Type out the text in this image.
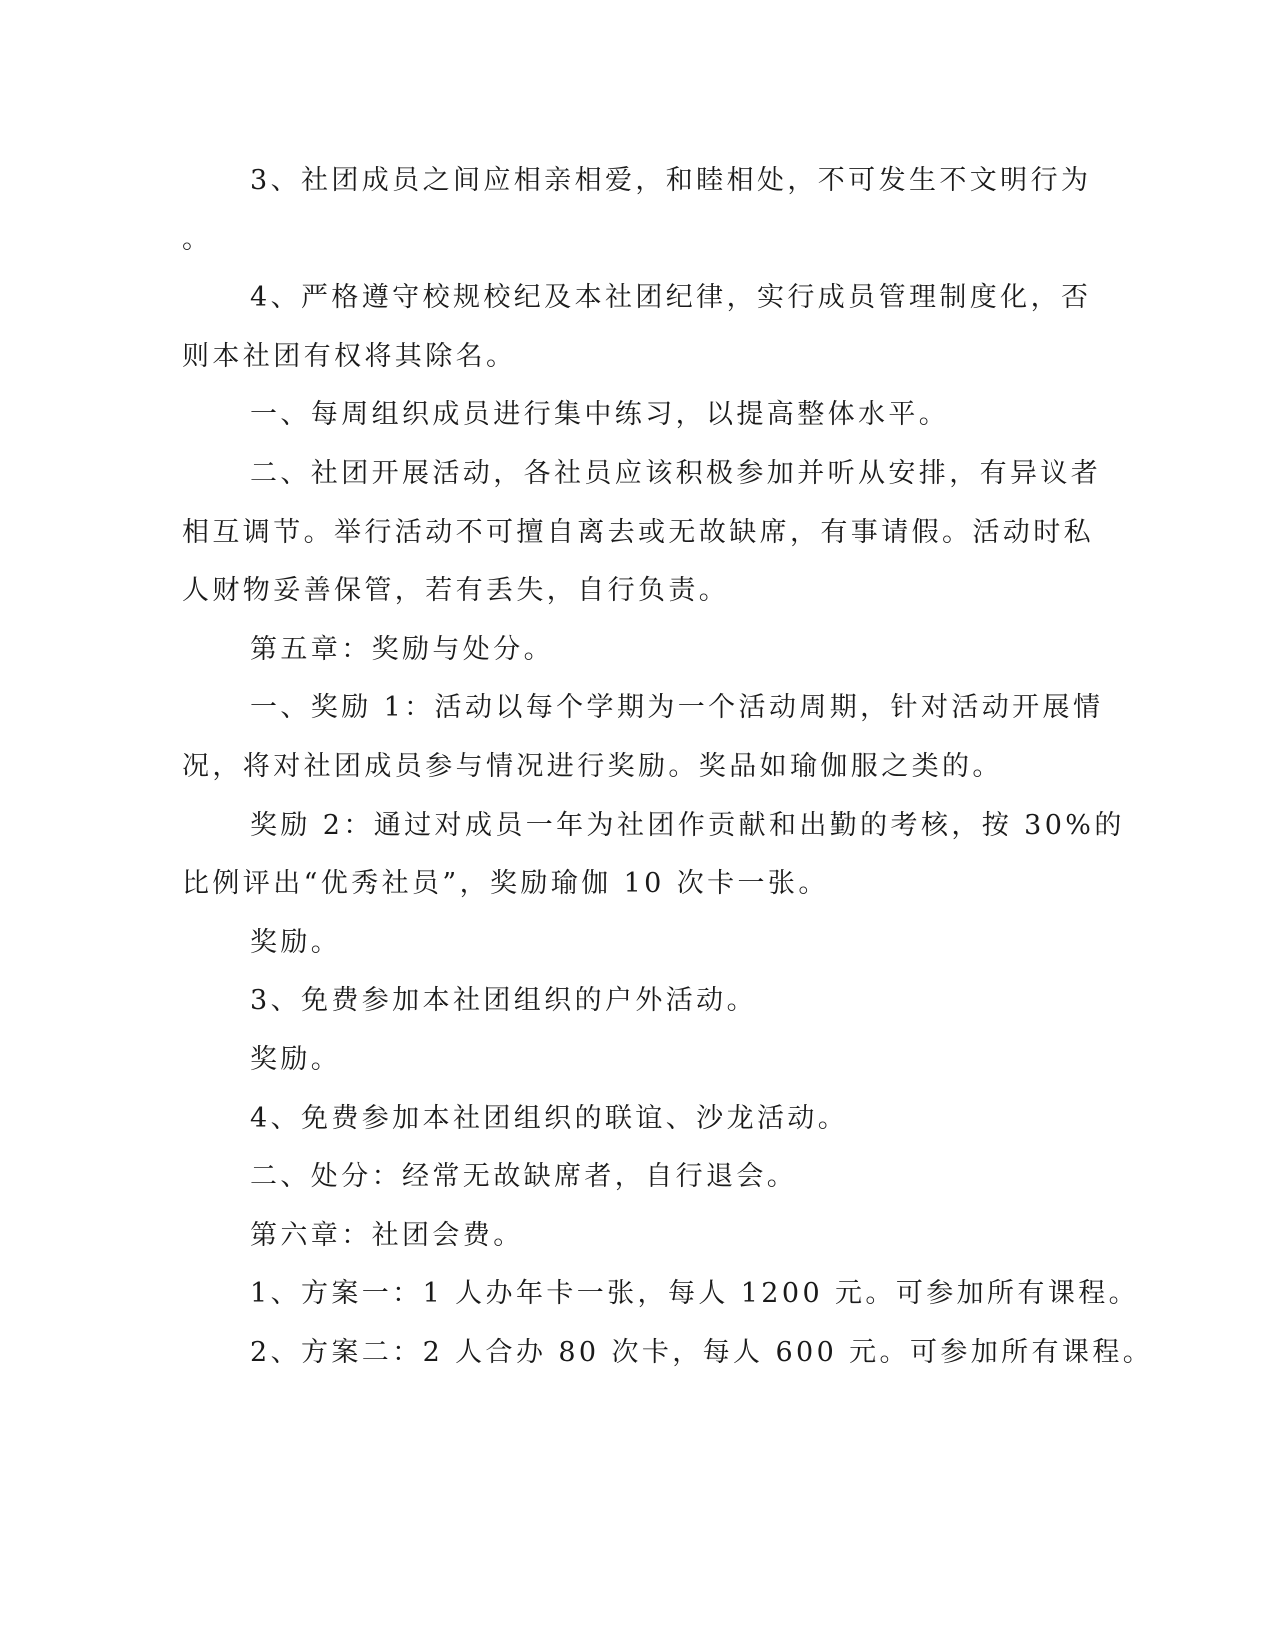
3、社团成员之间应相亲相爱，和睦相处，不可发生不文明行为

。

4、严格遵守校规校纪及本社团纪律，实行成员管理制度化，否

则本社团有权将其除名。

一、每周组织成员进行集中练习，以提高整体水平。

二、社团开展活动，各社员应该积极参加并听从安排，有异议者

相互调节。举行活动不可擅自离去或无故缺席，有事请假。活动时私

人财物妥善保管，若有丢失，自行负责。

第五章：奖励与处分。

一、奖励 1：活动以每个学期为一个活动周期，针对活动开展情

况，将对社团成员参与情况进行奖励。奖品如瑜伽服之类的。

奖励 2：通过对成员一年为社团作贡献和出勤的考核，按 30%的

比例评出“优秀社员”，奖励瑜伽 10 次卡一张。

奖励。

3、免费参加本社团组织的户外活动。

奖励。

4、免费参加本社团组织的联谊、沙龙活动。

二、处分：经常无故缺席者，自行退会。

第六章：社团会费。

1、方案一：1 人办年卡一张，每人 1200 元。可参加所有课程。

2、方案二：2 人合办 80 次卡，每人 600 元。可参加所有课程。
